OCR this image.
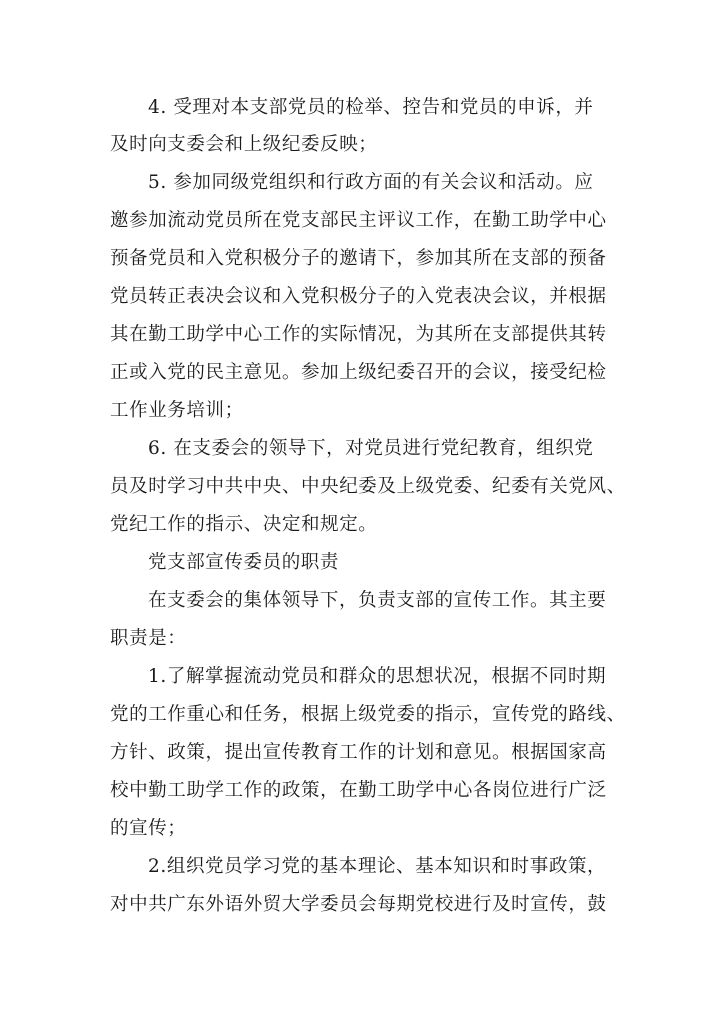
4. 受理对本支部党员的检举、控告和党员的申诉，并
及时向支委会和上级纪委反映；
5. 参加同级党组织和行政方面的有关会议和活动。应
邀参加流动党员所在党支部民主评议工作，在勤工助学中心
预备党员和入党积极分子的邀请下，参加其所在支部的预备
党员转正表决会议和入党积极分子的入党表决会议，并根据
其在勤工助学中心工作的实际情况，为其所在支部提供其转
正或入党的民主意见。参加上级纪委召开的会议，接受纪检
工作业务培训；
6. 在支委会的领导下，对党员进行党纪教育，组织党
员及时学习中共中央、中央纪委及上级党委、纪委有关党风、
党纪工作的指示、决定和规定。
党支部宣传委员的职责
在支委会的集体领导下，负责支部的宣传工作。其主要
职责是：
1.了解掌握流动党员和群众的思想状况，根据不同时期
党的工作重心和任务，根据上级党委的指示，宣传党的路线、
方针、政策，提出宣传教育工作的计划和意见。根据国家高
校中勤工助学工作的政策，在勤工助学中心各岗位进行广泛
的宣传；
2.组织党员学习党的基本理论、基本知识和时事政策，
对中共广东外语外贸大学委员会每期党校进行及时宣传，鼓
